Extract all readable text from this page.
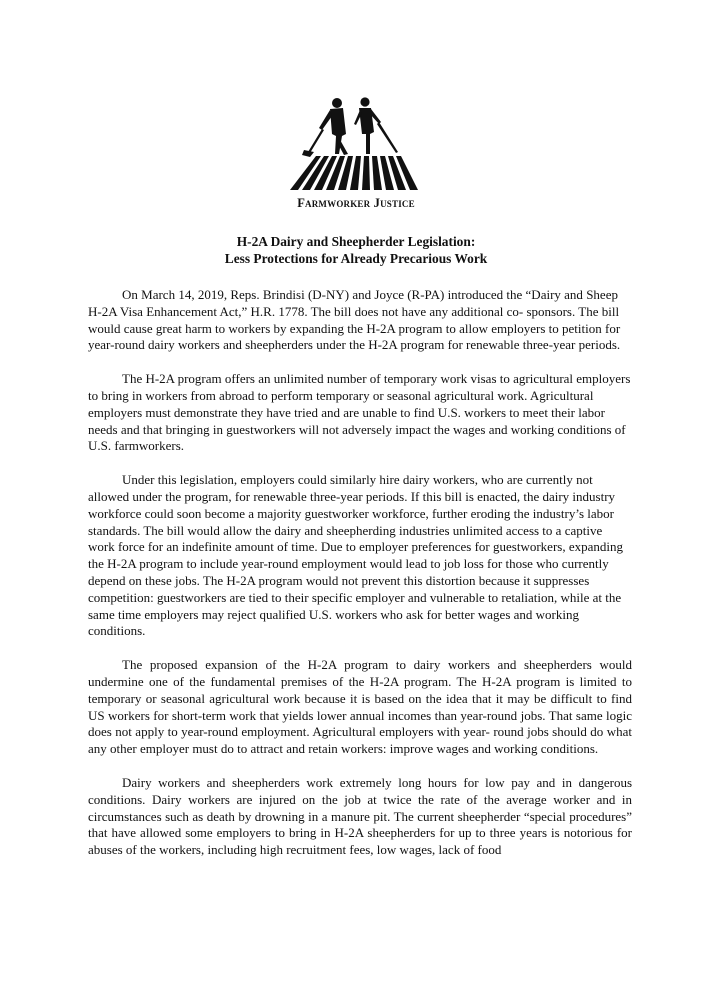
Farmworker Justice
H-2A Dairy and Sheepherder Legislation:
Less Protections for Already Precarious Work
On March 14, 2019, Reps. Brindisi (D-NY) and Joyce (R-PA) introduced the “Dairy and Sheep H-2A Visa Enhancement Act,” H.R. 1778. The bill does not have any additional co- sponsors. The bill would cause great harm to workers by expanding the H-2A program to allow employers to petition for year-round dairy workers and sheepherders under the H-2A program for renewable three-year periods.
The H-2A program offers an unlimited number of temporary work visas to agricultural employers to bring in workers from abroad to perform temporary or seasonal agricultural work. Agricultural employers must demonstrate they have tried and are unable to find U.S. workers to meet their labor needs and that bringing in guestworkers will not adversely impact the wages and working conditions of U.S. farmworkers.
Under this legislation, employers could similarly hire dairy workers, who are currently not allowed under the program, for renewable three-year periods. If this bill is enacted, the dairy industry workforce could soon become a majority guestworker workforce, further eroding the industry’s labor standards. The bill would allow the dairy and sheepherding industries unlimited access to a captive work force for an indefinite amount of time. Due to employer preferences for guestworkers, expanding the H-2A program to include year-round employment would lead to job loss for those who currently depend on these jobs. The H-2A program would not prevent this distortion because it suppresses competition: guestworkers are tied to their specific employer and vulnerable to retaliation, while at the same time employers may reject qualified U.S. workers who ask for better wages and working conditions.
The proposed expansion of the H-2A program to dairy workers and sheepherders would undermine one of the fundamental premises of the H-2A program. The H-2A program is limited to temporary or seasonal agricultural work because it is based on the idea that it may be difficult to find US workers for short-term work that yields lower annual incomes than year-round jobs. That same logic does not apply to year-round employment. Agricultural employers with year- round jobs should do what any other employer must do to attract and retain workers: improve wages and working conditions.
Dairy workers and sheepherders work extremely long hours for low pay and in dangerous conditions. Dairy workers are injured on the job at twice the rate of the average worker and in circumstances such as death by drowning in a manure pit. The current sheepherder “special procedures” that have allowed some employers to bring in H-2A sheepherders for up to three years is notorious for abuses of the workers, including high recruitment fees, low wages, lack of food
